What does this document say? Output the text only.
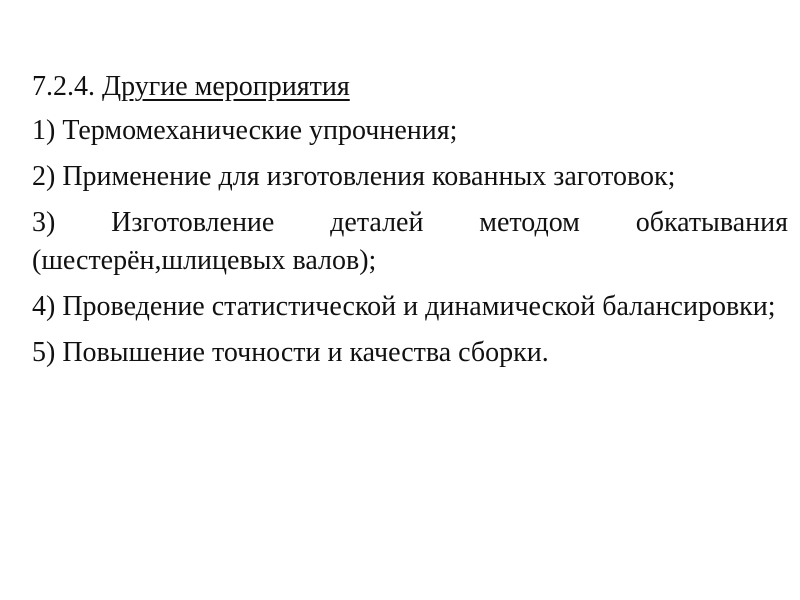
7.2.4. Другие мероприятия
1) Термомеханические упрочнения;
2) Применение для изготовления кованных заготовок;
3) Изготовление деталей методом обкатывания (шестерён,шлицевых валов);
4) Проведение статистической и динамической балансировки;
5) Повышение точности и качества сборки.
